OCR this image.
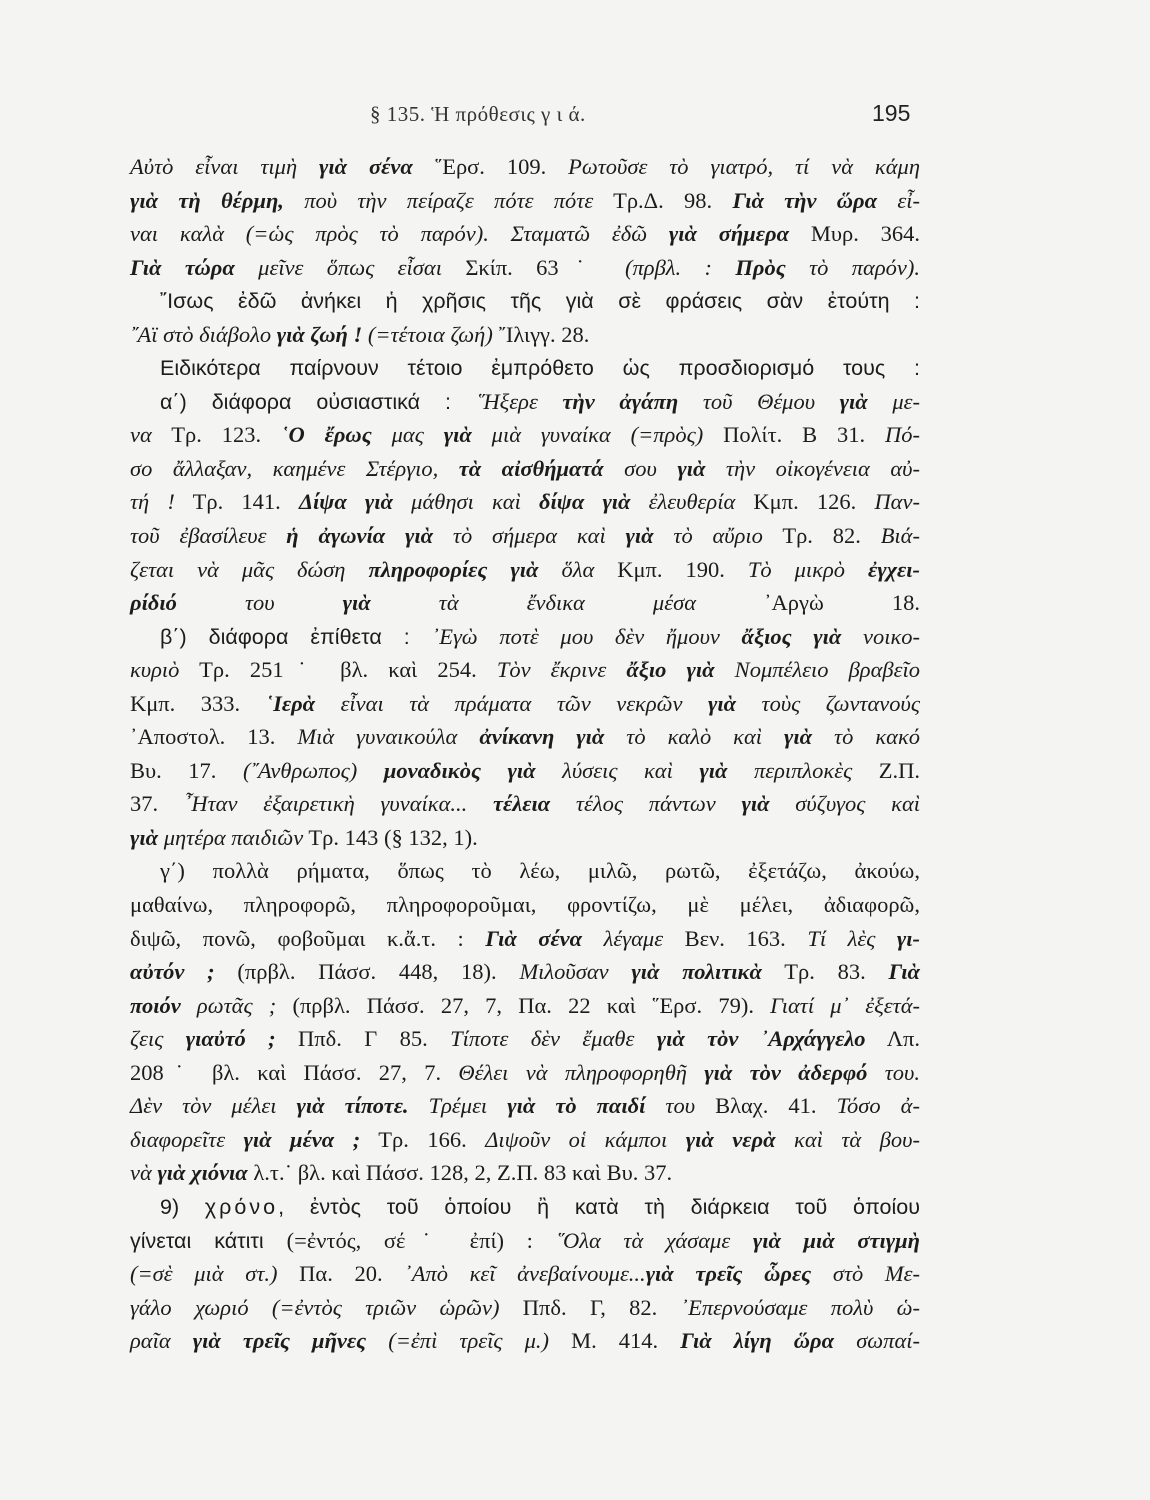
§ 135. Ἡ πρόθεσις γ ι ά.	195
Αὐτὸ εἶναι τιμὴ γιὰ σένα ῞Ερσ. 109. Ρωτοῦσε τὸ γιατρό, τί νὰ κάμη
γιὰ τὴ θέρμη, ποὺ τὴν πείραζε πότε πότε Τρ.Δ. 98. Γιὰ τὴν ὥρα εἶ-
ναι καλὰ (=ὡς πρὸς τὸ παρόν). Σταματῶ ἐδῶ γιὰ σήμερα Μυρ. 364.
Γιὰ τώρα μεῖνε ὅπως εἶσαι Σκίπ. 63˙ (πρβλ. : Πρὸς τὸ παρόν).
῎Ισως ἐδῶ ἀνήκει ἡ χρῆσις τῆς γιὰ σὲ φράσεις σὰν ἐτούτη :
῎Αϊ στὸ διάβολο γιὰ ζωή ! (=τέτοια ζωή) ῎Ιλιγγ. 28.
Ειδικότερα παίρνουν τέτοιο ἐμπρόθετο ὡς προσδιορισμό τους :
α΄) διάφορα οὐσιαστικά : ῞Ηξερε τὴν ἀγάπη τοῦ Θέμου γιὰ με-
να Τρ. 123. ῾Ο ἔρως μας γιὰ μιὰ γυναίκα (=πρὸς) Πολίτ. Β 31. Πό-
σο ἄλλαξαν, καημένε Στέργιο, τὰ αἰσθήματά σου γιὰ τὴν οἰκογένεια αὐ-
τή ! Τρ. 141. Δίψα γιὰ μάθησι καὶ δίψα γιὰ ἐλευθερία Κμπ. 126. Παν-
τοῦ ἐβασίλευε ἡ ἀγωνία γιὰ τὸ σήμερα καὶ γιὰ τὸ αὔριο Τρ. 82. Βιά-
ζεται νὰ μᾶς δώση πληροφορίες γιὰ ὅλα Κμπ. 190. Τὸ μικρὸ ἐγχει-
ρίδιό του γιὰ τὰ ἔνδικα μέσα ᾿Αργὼ 18.
β΄) διάφορα ἐπίθετα : ᾿Εγὼ ποτὲ μου δὲν ἤμουν ἄξιος γιὰ νοικο-
κυριὸ Τρ. 251˙ βλ. καὶ 254. Τὸν ἔκρινε ἄξιο γιὰ Νομπέλειο βραβεῖο
Κμπ. 333. ῾Ιερὰ εἶναι τὰ πράματα τῶν νεκρῶν γιὰ τοὺς ζωντανούς
᾿Αποστολ. 13. Μιὰ γυναικούλα ἀνίκανη γιὰ τὸ καλὸ καὶ γιὰ τὸ κακό
Βυ. 17. (῎Ανθρωπος) μοναδικὸς γιὰ λύσεις καὶ γιὰ περιπλοκὲς Ζ.Π.
37. ῏Ηταν ἐξαιρετικὴ γυναίκα... τέλεια τέλος πάντων γιὰ σύζυγος καὶ
γιὰ μητέρα παιδιῶν Τρ. 143 (§ 132, 1).
γ΄) πολλὰ ρήματα, ὅπως τὸ λέω, μιλῶ, ρωτῶ, ἐξετάζω, ἀκούω,
μαθαίνω, πληροφορῶ, πληροφοροῦμαι, φροντίζω, μὲ μέλει, ἀδιαφορῶ,
διψῶ, πονῶ, φοβοῦμαι κ.ἄ.τ. : Γιὰ σένα λέγαμε Βεν. 163. Τί λὲς γι-
αὐτόν ; (πρβλ. Πάσσ. 448, 18). Μιλοῦσαν γιὰ πολιτικὰ Τρ. 83. Γιὰ
ποιόν ρωτᾶς ; (πρβλ. Πάσσ. 27, 7, Πα. 22 καὶ ῞Ερσ. 79). Γιατί μ᾿ ἐξετά-
ζεις γιαὐτό ; Ππδ. Γ 85. Τίποτε δὲν ἔμαθε γιὰ τὸν ᾿Αρχάγγελο Λπ.
208˙ βλ. καὶ Πάσσ. 27, 7. Θέλει νὰ πληροφορηθῆ γιὰ τὸν ἀδερφό του.
Δὲν τὸν μέλει γιὰ τίποτε. Τρέμει γιὰ τὸ παιδί του Βλαχ. 41. Τόσο ἀ-
διαφορεῖτε γιὰ μένα ; Τρ. 166. Διψοῦν οἱ κάμποι γιὰ νερὰ καὶ τὰ βου-
νὰ γιὰ χιόνια λ.τ.˙ βλ. καὶ Πάσσ. 128, 2, Ζ.Π. 83 καὶ Βυ. 37.
9) χρόνο, ἐντὸς τοῦ ὁποίου ἢ κατὰ τὴ διάρκεια τοῦ ὁποίου
γίνεται κάτιτι (=ἐντός, σέ˙ ἐπί) : ῞Ολα τὰ χάσαμε γιὰ μιὰ στιγμὴ
(=σὲ μιὰ στ.) Πα. 20. ᾿Απὸ κεῖ ἀνεβαίνουμε...γιὰ τρεῖς ὧρες στὸ Με-
γάλο χωριό (=ἐντὸς τριῶν ὡρῶν) Ππδ. Γ, 82. ᾿Επερνούσαμε πολὺ ὡ-
ραῖα γιὰ τρεῖς μῆνες (=ἐπὶ τρεῖς μ.) Μ. 414. Γιὰ λίγη ὥρα σωπαί-
